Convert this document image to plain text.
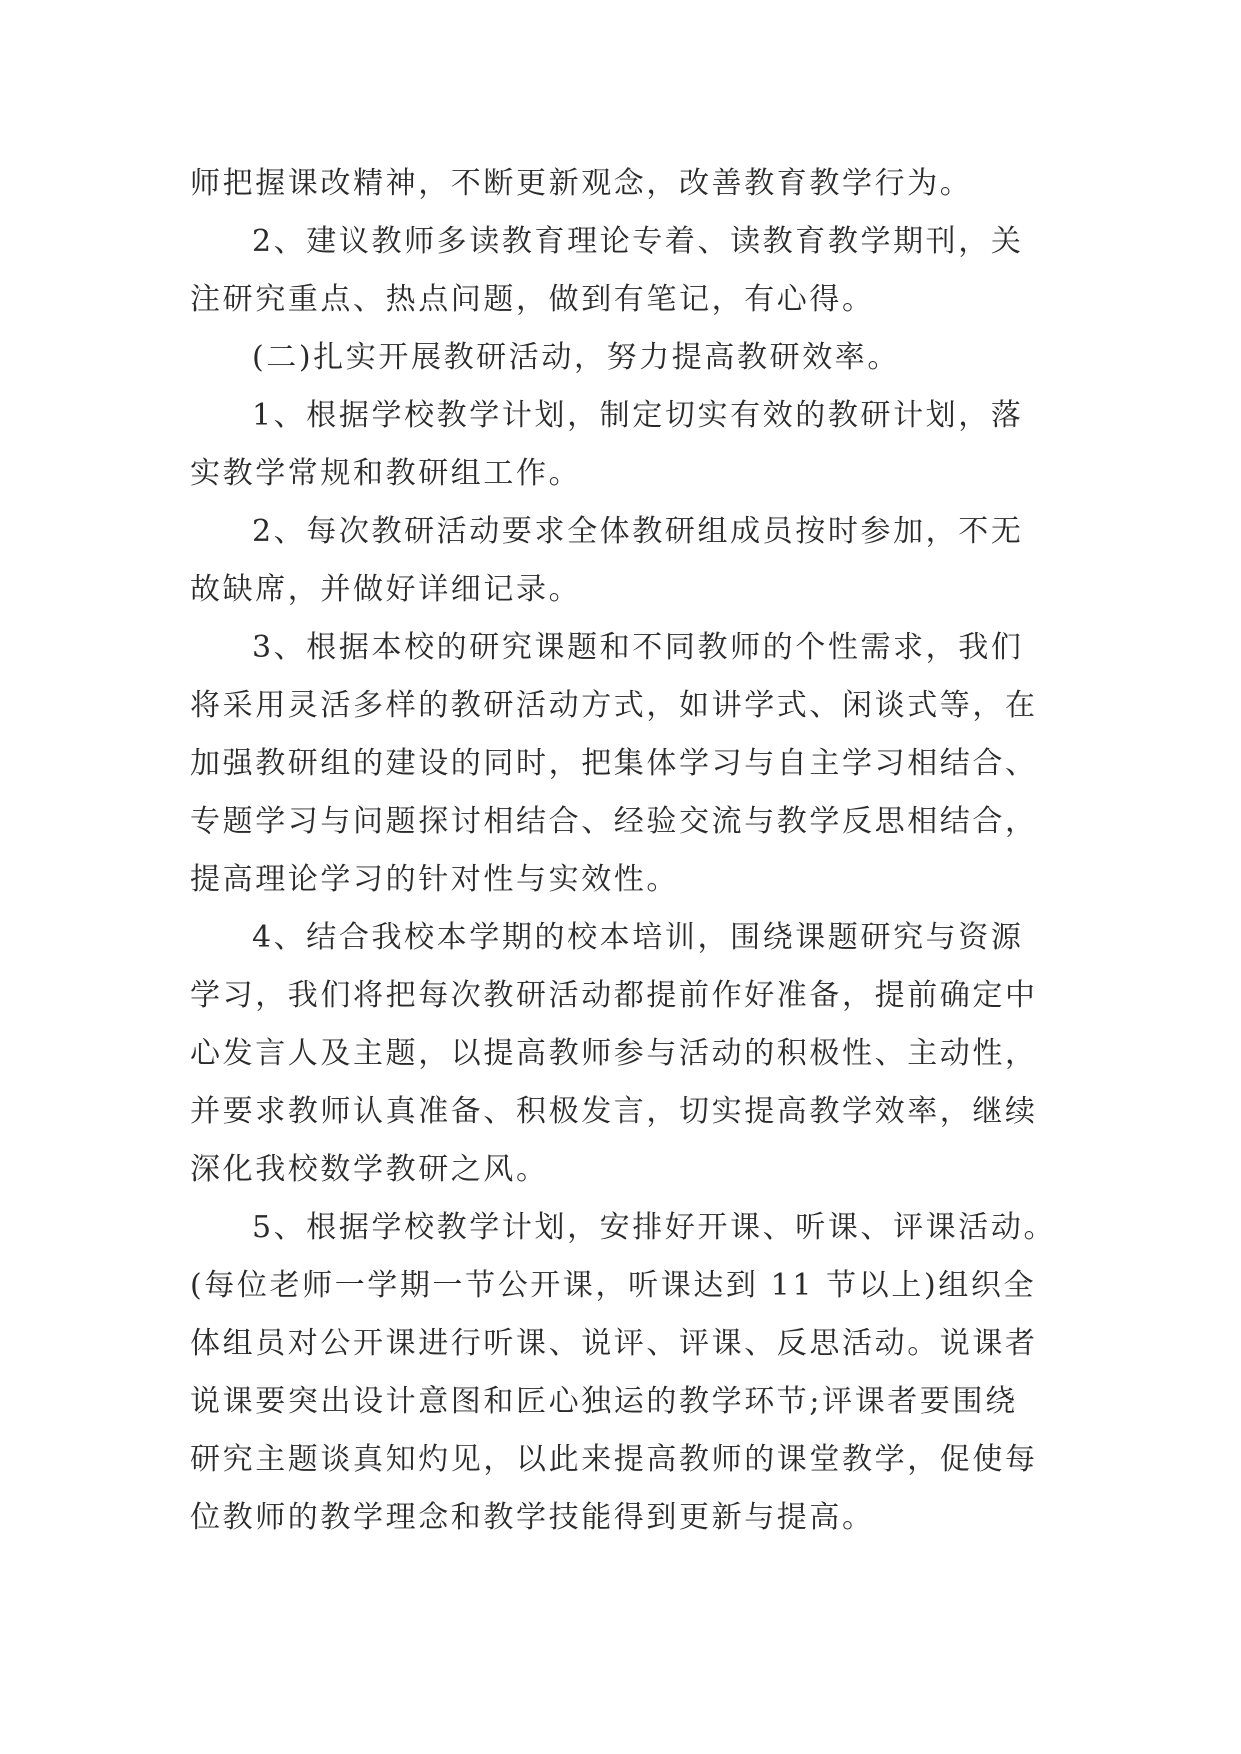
师把握课改精神，不断更新观念，改善教育教学行为。
2、建议教师多读教育理论专着、读教育教学期刊，关
注研究重点、热点问题，做到有笔记，有心得。
(二)扎实开展教研活动，努力提高教研效率。
1、根据学校教学计划，制定切实有效的教研计划，落
实教学常规和教研组工作。
2、每次教研活动要求全体教研组成员按时参加，不无
故缺席，并做好详细记录。
3、根据本校的研究课题和不同教师的个性需求，我们
将采用灵活多样的教研活动方式，如讲学式、闲谈式等，在
加强教研组的建设的同时，把集体学习与自主学习相结合、
专题学习与问题探讨相结合、经验交流与教学反思相结合，
提高理论学习的针对性与实效性。
4、结合我校本学期的校本培训，围绕课题研究与资源
学习，我们将把每次教研活动都提前作好准备，提前确定中
心发言人及主题，以提高教师参与活动的积极性、主动性，
并要求教师认真准备、积极发言，切实提高教学效率，继续
深化我校数学教研之风。
5、根据学校教学计划，安排好开课、听课、评课活动。
(每位老师一学期一节公开课，听课达到 11 节以上)组织全
体组员对公开课进行听课、说评、评课、反思活动。说课者
说课要突出设计意图和匠心独运的教学环节;评课者要围绕
研究主题谈真知灼见，以此来提高教师的课堂教学，促使每
位教师的教学理念和教学技能得到更新与提高。
